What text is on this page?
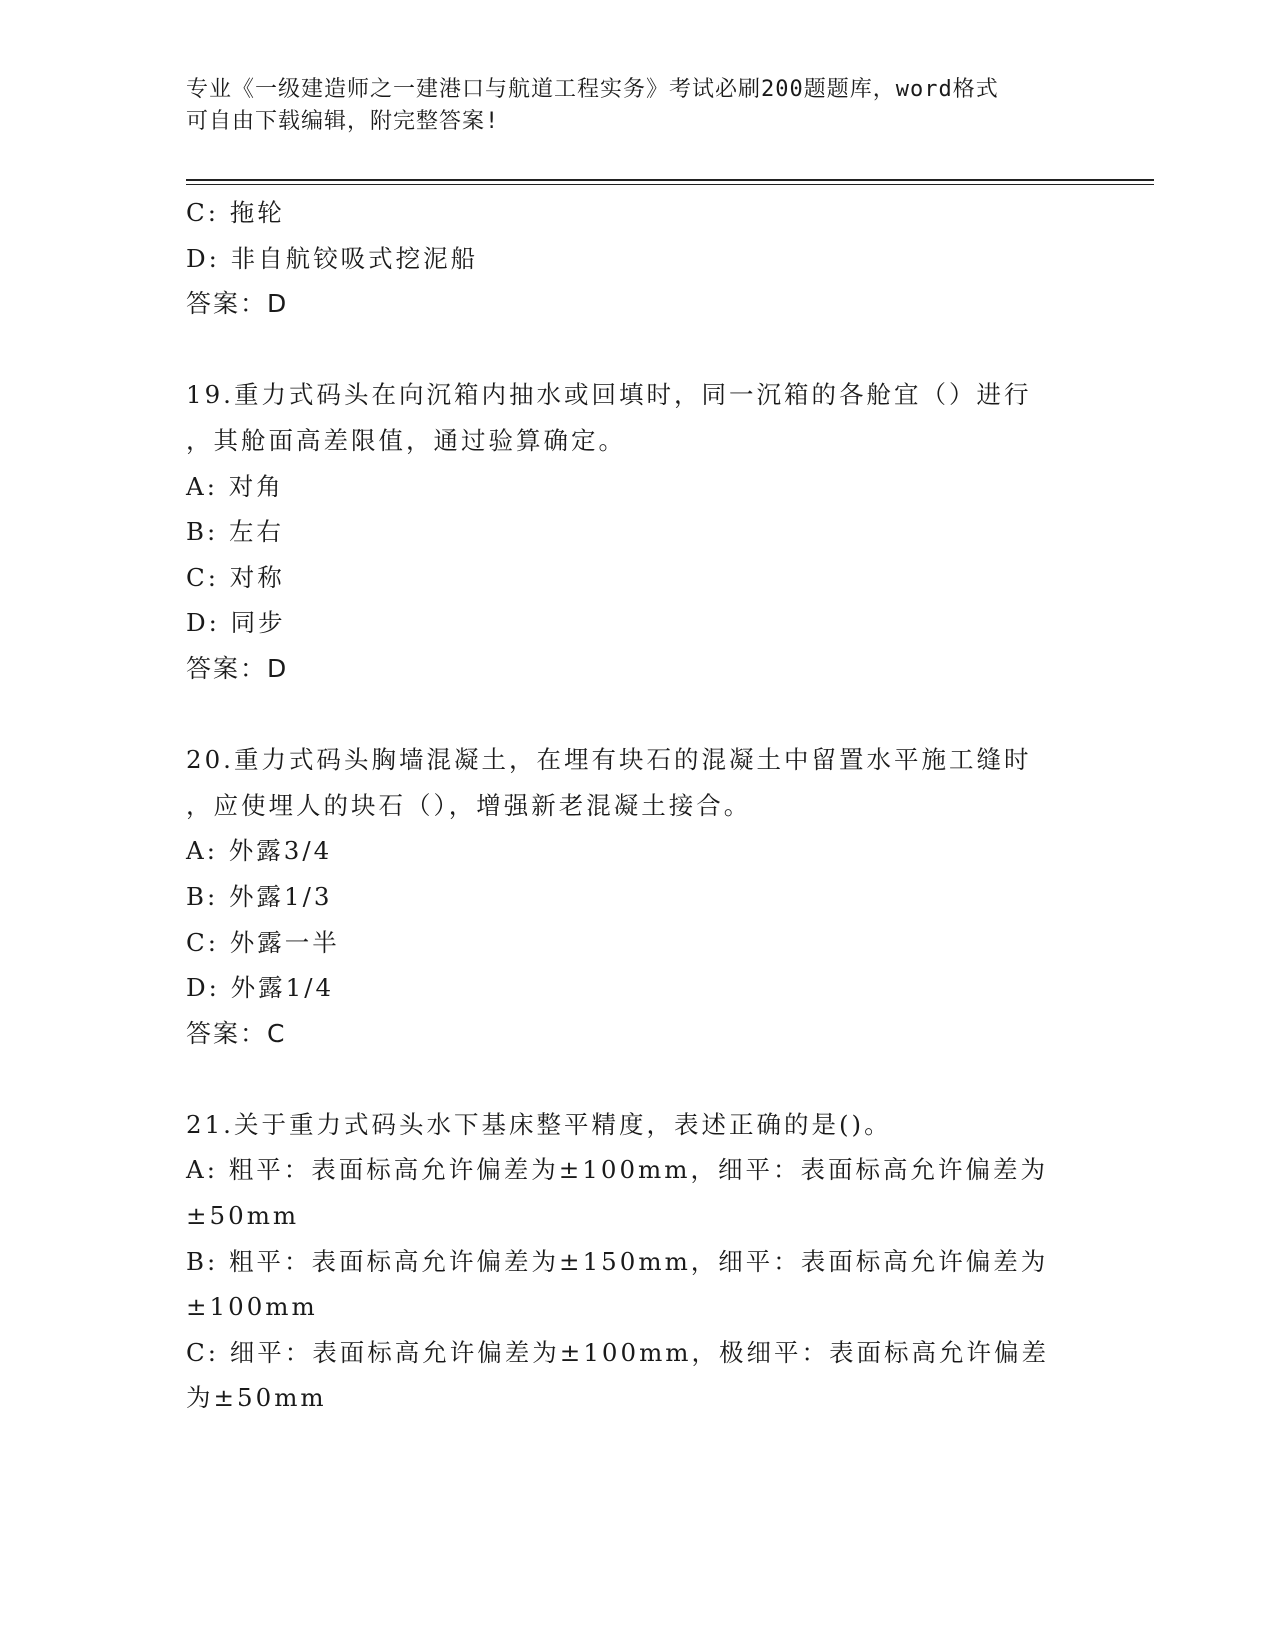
专业《一级建造师之一建港口与航道工程实务》考试必刷200题题库，word格式
可自由下载编辑，附完整答案!
C: 拖轮
D: 非自航铰吸式挖泥船
答案：D
19.重力式码头在向沉箱内抽水或回填时，同一沉箱的各舱宜（）进行
，其舱面高差限值，通过验算确定。
A: 对角
B: 左右
C: 对称
D: 同步
答案：D
20.重力式码头胸墙混凝土，在埋有块石的混凝土中留置水平施工缝时
，应使埋人的块石（），增强新老混凝土接合。
A: 外露3/4
B: 外露1/3
C: 外露一半
D: 外露1/4
答案：C
21.关于重力式码头水下基床整平精度，表述正确的是()。
A: 粗平：表面标高允许偏差为±100mm，细平：表面标高允许偏差为
±50mm
B: 粗平：表面标高允许偏差为±150mm，细平：表面标高允许偏差为
±100mm
C: 细平：表面标高允许偏差为±100mm，极细平：表面标高允许偏差
为±50mm
